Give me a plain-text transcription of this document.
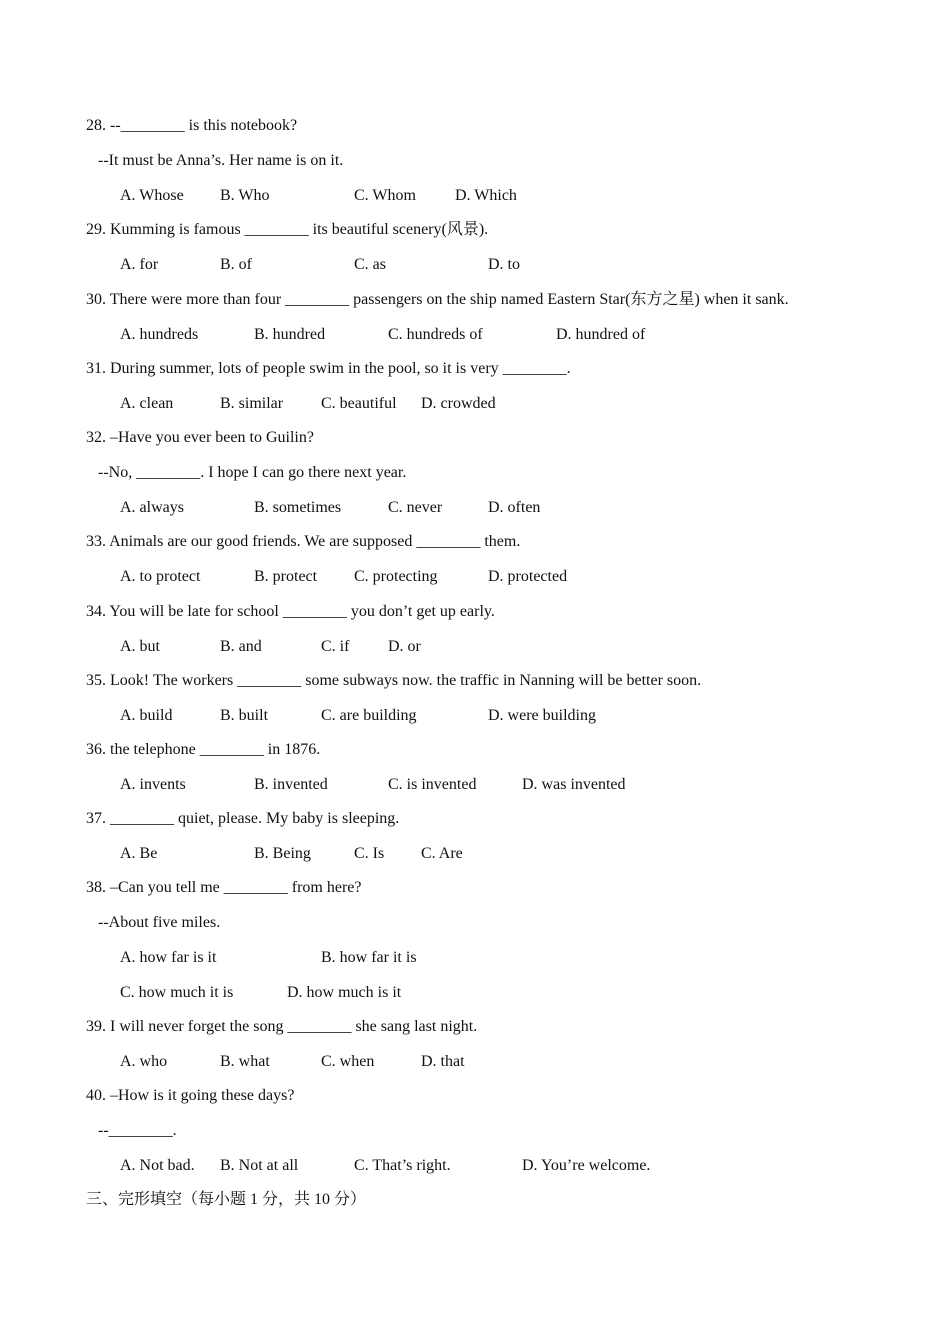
28. --________ is this notebook?
--It must be Anna’s. Her name is on it.
A. Whose B. Who	C. Whom D. Which
29. Kumming is famous ________ its beautiful scenery(风景).
A. for	B. of	C. as	D. to
30. There were more than four ________ passengers on the ship named Eastern Star(东方之星) when it sank.
A. hundreds	B. hundred	C. hundreds of	D. hundred of
31. During summer, lots of people swim in the pool, so it is very ________.
A. clean	B. similar C. beautiful D. crowded
32. –Have you ever been to Guilin?
--No, ________. I hope I can go there next year.
A. always	B. sometimes	C. never	D. often
33. Animals are our good friends. We are supposed ________ them.
A. to protect	B. protect C. protecting	D. protected
34. You will be late for school ________ you don’t get up early.
A. but	B. and	C. if D. or
35. Look! The workers ________ some subways now. the traffic in Nanning will be better soon.
A. build	B. built	C. are building	D. were building
36. the telephone ________ in 1876.
A. invents	B. invented	C. is invented	D. was invented
37. ________ quiet, please. My baby is sleeping.
A. Be	B. Being	C. Is C. Are
38. –Can you tell me ________ from here?
--About five miles.
A. how far is it	B. how far it is
C. how much it is	D. how much is it
39. I will never forget the song ________ she sang last night.
A. who	B. what	C. when	D. that
40. –How is it going these days?
--________.
A. Not bad. B. Not at all	C. That’s right.	D. You’re welcome.
三、完形填空（每小题 1 分，共 10 分）
